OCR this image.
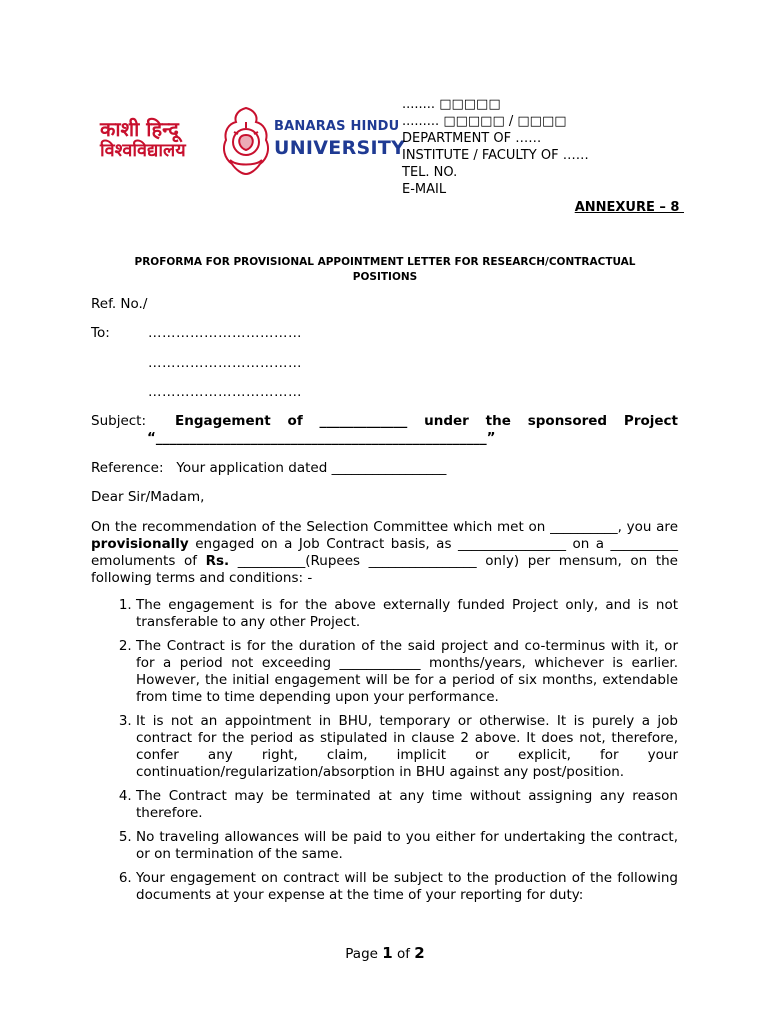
काशी हिन्दू
विश्वविद्यालय
BANARAS HINDU
UNIVERSITY
........ □□□□□
......... □□□□□ / □□□□
DEPARTMENT OF ……
INSTITUTE / FACULTY OF ……
TEL. NO.
E-MAIL
ANNEXURE – 8
PROFORMA FOR PROVISIONAL APPOINTMENT LETTER FOR RESEARCH/CONTRACTUAL
POSITIONS
Ref. No./
To:	……………………………
……………………………
……………………………
Subject:	Engagement of _____________ under the sponsored Project
“_________________________________________________”
Reference:   Your application dated _________________
Dear Sir/Madam,
On the recommendation of the Selection Committee which met on __________, you are provisionally engaged on a Job Contract basis, as ________________ on a __________ emoluments of Rs. __________(Rupees ________________ only) per mensum, on the following terms and conditions: -
1. The engagement is for the above externally funded Project only, and is not transferable to any other Project.
2. The Contract is for the duration of the said project and co-terminus with it, or for a period not exceeding ____________ months/years, whichever is earlier. However, the initial engagement will be for a period of six months, extendable from time to time depending upon your performance.
3. It is not an appointment in BHU, temporary or otherwise. It is purely a job contract for the period as stipulated in clause 2 above. It does not, therefore, confer any right, claim, implicit or explicit, for your continuation/regularization/absorption in BHU against any post/position.
4. The Contract may be terminated at any time without assigning any reason therefore.
5. No traveling allowances will be paid to you either for undertaking the contract, or on termination of the same.
6. Your engagement on contract will be subject to the production of the following documents at your expense at the time of your reporting for duty:
Page 1 of 2
